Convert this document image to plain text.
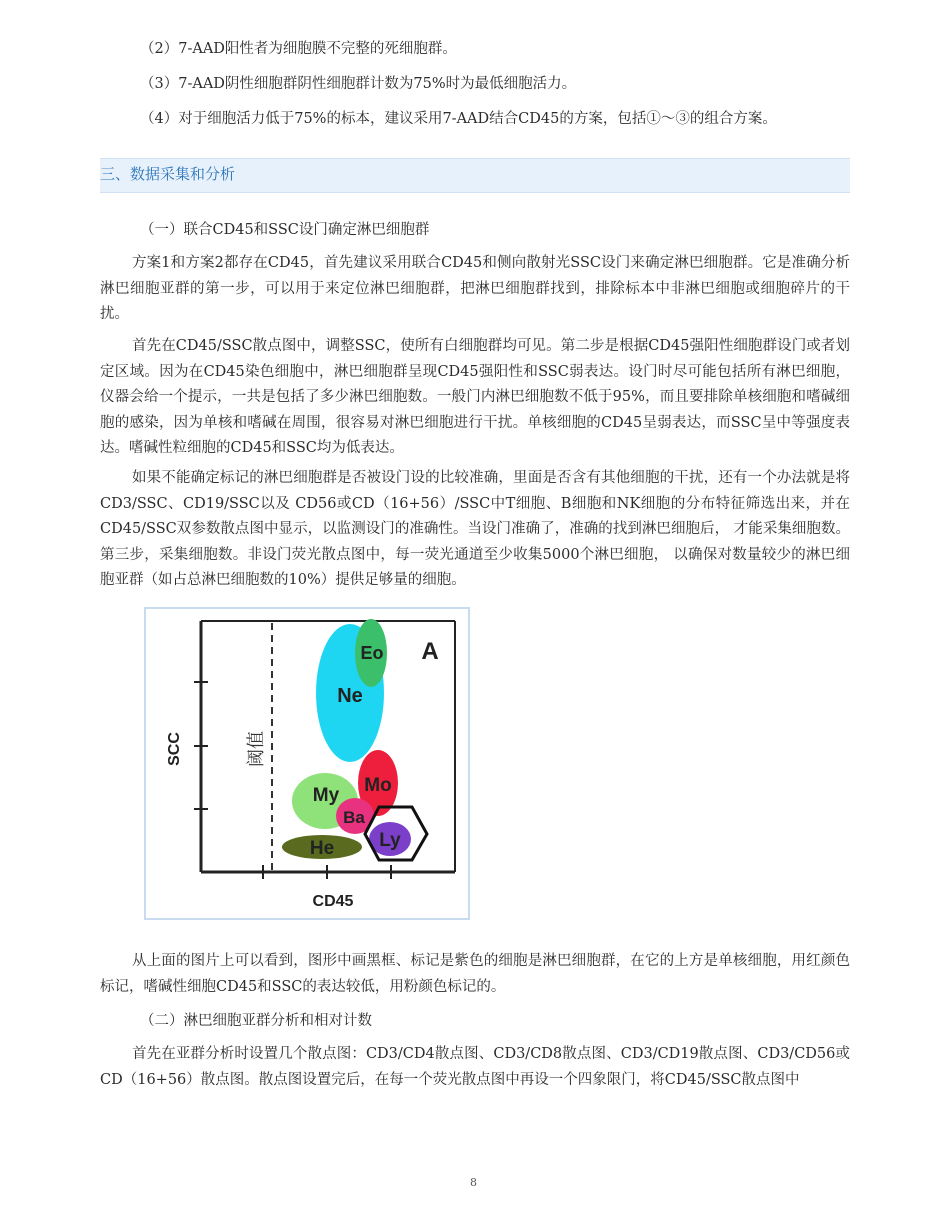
（2）7-AAD阳性者为细胞膜不完整的死细胞群。
（3）7-AAD阴性细胞群阴性细胞群计数为75%时为最低细胞活力。
（4）对于细胞活力低于75%的标本，建议采用7-AAD结合CD45的方案，包括①～③的组合方案。
三、数据采集和分析
（一）联合CD45和SSC设门确定淋巴细胞群
方案1和方案2都存在CD45，首先建议采用联合CD45和侧向散射光SSC设门来确定淋巴细胞群。它是准确分析淋巴细胞亚群的第一步，可以用于来定位淋巴细胞群，把淋巴细胞群找到，排除标本中非淋巴细胞或细胞碎片的干扰。
首先在CD45/SSC散点图中，调整SSC，使所有白细胞群均可见。第二步是根据CD45强阳性细胞群设门或者划定区域。因为在CD45染色细胞中，淋巴细胞群呈现CD45强阳性和SSC弱表达。设门时尽可能包括所有淋巴细胞，仪器会给一个提示，一共是包括了多少淋巴细胞数。一般门内淋巴细胞数不低于95%，而且要排除单核细胞和嗜碱细胞的感染，因为单核和嗜碱在周围，很容易对淋巴细胞进行干扰。单核细胞的CD45呈弱表达，而SSC呈中等强度表达。嗜碱性粒细胞的CD45和SSC均为低表达。
如果不能确定标记的淋巴细胞群是否被设门设的比较准确，里面是否含有其他细胞的干扰，还有一个办法就是将CD3/SSC、CD19/SSC以及 CD56或CD（16+56）/SSC中T细胞、B细胞和NK细胞的分布特征筛选出来，并在CD45/SSC双参数散点图中显示，以监测设门的准确性。当设门准确了，准确的找到淋巴细胞后， 才能采集细胞数。第三步，采集细胞数。非设门荧光散点图中，每一荧光通道至少收集5000个淋巴细胞， 以确保对数量较少的淋巴细胞亚群（如占总淋巴细胞数的10%）提供足够量的细胞。
Ne
Eo
Mo
My
Ba
Ly
He
A
CD45
SCC	阈值
从上面的图片上可以看到，图形中画黑框、标记是紫色的细胞是淋巴细胞群，在它的上方是单核细胞，用红颜色标记，嗜碱性细胞CD45和SSC的表达较低，用粉颜色标记的。
（二）淋巴细胞亚群分析和相对计数
首先在亚群分析时设置几个散点图：CD3/CD4散点图、CD3/CD8散点图、CD3/CD19散点图、CD3/CD56或CD（16+56）散点图。散点图设置完后，在每一个荧光散点图中再设一个四象限门，将CD45/SSC散点图中
8
